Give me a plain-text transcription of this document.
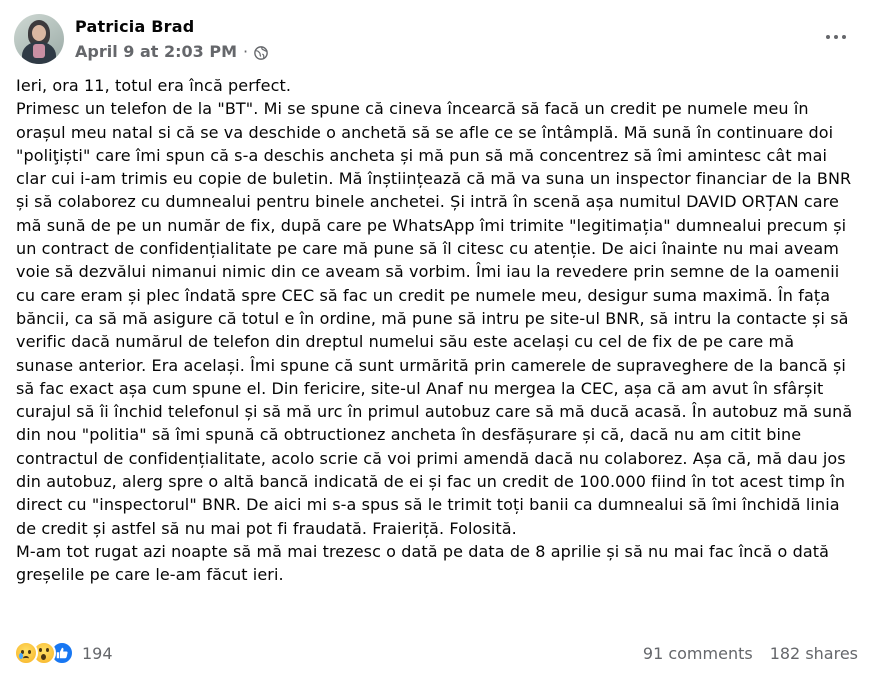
Patricia Brad
April 9 at 2:03 PM ·
Ieri, ora 11, totul era încă perfect.
Primesc un telefon de la "BT". Mi se spune că cineva încearcă să facă un credit pe numele meu în orașul meu natal si că se va deschide o anchetă să se afle ce se întâmplă. Mă sună în continuare doi "poliţiști" care îmi spun că s-a deschis ancheta și mă pun să mă concentrez să îmi amintesc cât mai clar cui i-am trimis eu copie de buletin. Mă înștiințează că mă va suna un inspector financiar de la BNR și să colaborez cu dumnealui pentru binele anchetei. Și intră în scenă așa numitul DAVID ORȚAN care mă sună de pe un număr de fix, după care pe WhatsApp îmi trimite "legitimația" dumnealui precum și un contract de confidențialitate pe care mă pune să îl citesc cu atenție. De aici înainte nu mai aveam voie să dezvălui nimanui nimic din ce aveam să vorbim. Îmi iau la revedere prin semne de la oamenii cu care eram și plec îndată spre CEC să fac un credit pe numele meu, desigur suma maximă. În fața băncii, ca să mă asigure că totul e în ordine, mă pune să intru pe site-ul BNR, să intru la contacte și să verific dacă numărul de telefon din dreptul numelui său este același cu cel de fix de pe care mă sunase anterior. Era același. Îmi spune că sunt urmărită prin camerele de supraveghere de la bancă și să fac exact așa cum spune el. Din fericire, site-ul Anaf nu mergea la CEC, așa că am avut în sfârșit curajul să îi închid telefonul și să mă urc în primul autobuz care să mă ducă acasă. În autobuz mă sună din nou "politia" să îmi spună că obtructionez ancheta în desfășurare și că, dacă nu am citit bine contractul de confidențialitate, acolo scrie că voi primi amendă dacă nu colaborez. Așa că, mă dau jos din autobuz, alerg spre o altă bancă indicată de ei și fac un credit de 100.000 fiind în tot acest timp în direct cu "inspectorul" BNR. De aici mi s-a spus să le trimit toți banii ca dumnealui să îmi închidă linia de credit și astfel să nu mai pot fi fraudată. Fraieriță. Folosită.
M-am tot rugat azi noapte să mă mai trezesc o dată pe data de 8 aprilie și să nu mai fac încă o dată greșelile pe care le-am făcut ieri.
194	91 comments 182 shares
